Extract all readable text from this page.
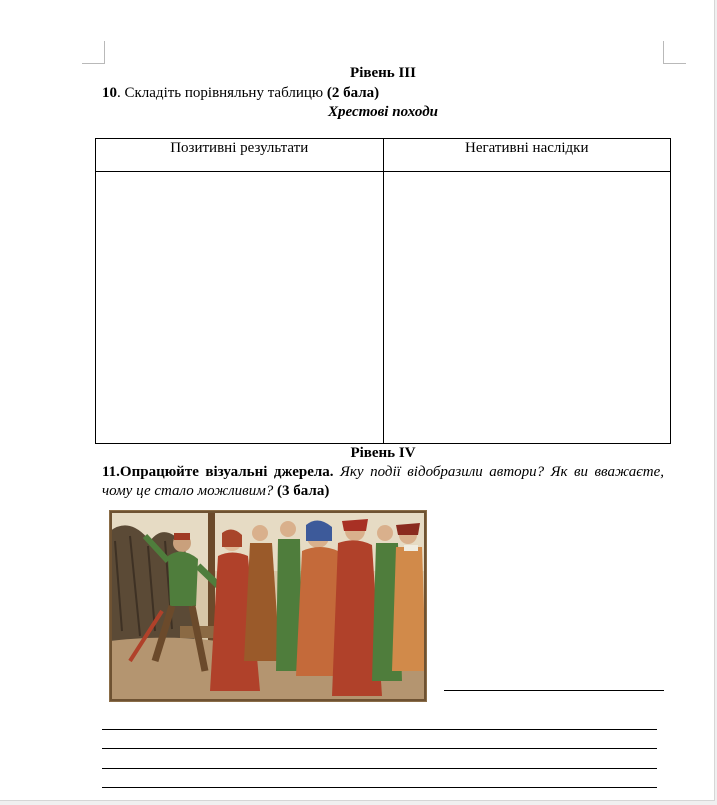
Рівень III
10. Складіть порівняльну таблицю (2 бала)
Хрестові походи
Позитивні результати	Негативні наслідки

Рівень IV
11.Опрацюйте візуальні джерела. Яку події відобразили автори? Як ви вважаєте, чому це стало можливим? (3 бала)
